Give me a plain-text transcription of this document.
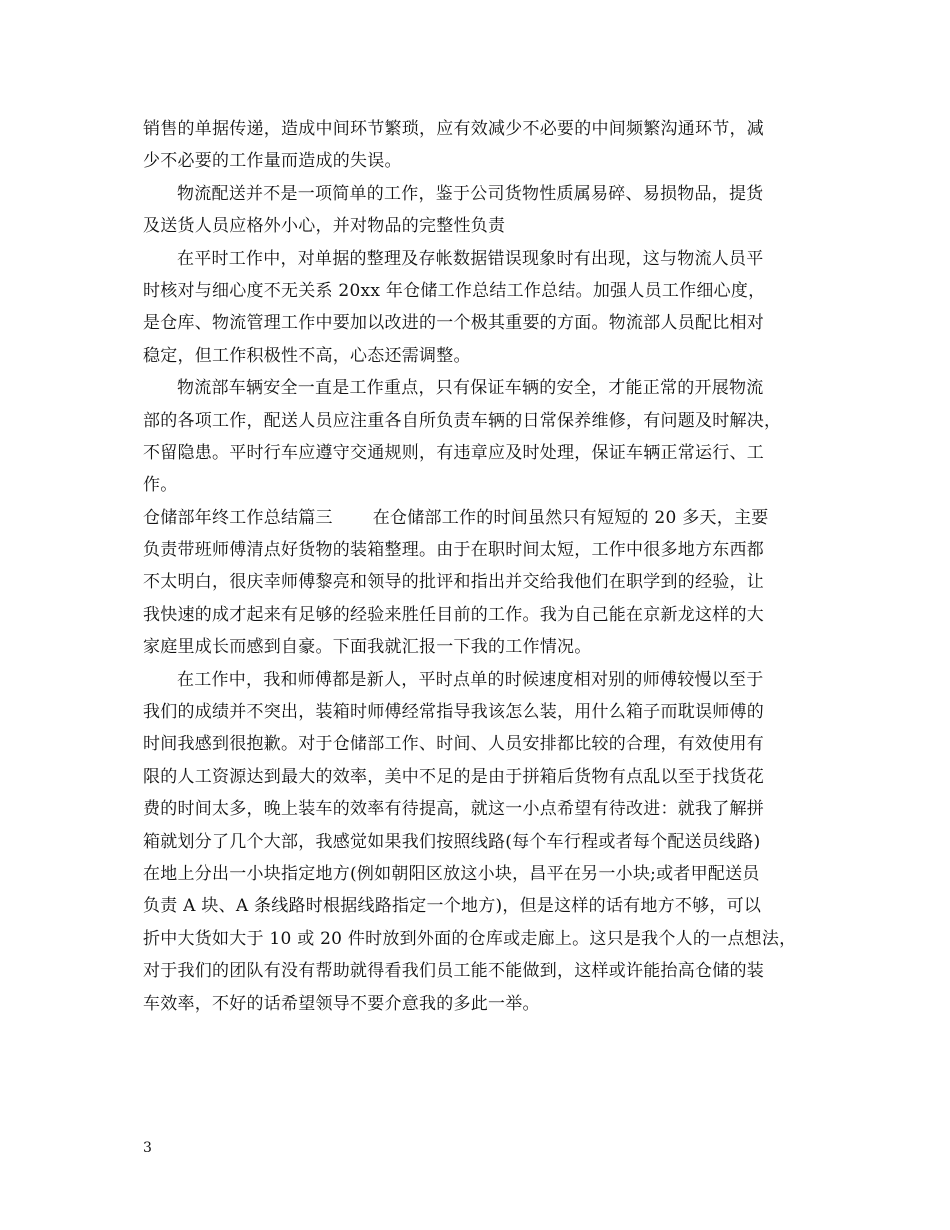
销售的单据传递，造成中间环节繁琐，应有效减少不必要的中间频繁沟通环节，减
少不必要的工作量而造成的失误。
物流配送并不是一项简单的工作，鉴于公司货物性质属易碎、易损物品，提货
及送货人员应格外小心，并对物品的完整性负责
在平时工作中，对单据的整理及存帐数据错误现象时有出现，这与物流人员平
时核对与细心度不无关系 20xx 年仓储工作总结工作总结。加强人员工作细心度，
是仓库、物流管理工作中要加以改进的一个极其重要的方面。物流部人员配比相对
稳定，但工作积极性不高，心态还需调整。
物流部车辆安全一直是工作重点，只有保证车辆的安全，才能正常的开展物流
部的各项工作，配送人员应注重各自所负责车辆的日常保养维修，有问题及时解决，
不留隐患。平时行车应遵守交通规则，有违章应及时处理，保证车辆正常运行、工
作。
仓储部年终工作总结篇三 在仓储部工作的时间虽然只有短短的 20 多天，主要
负责带班师傅清点好货物的装箱整理。由于在职时间太短，工作中很多地方东西都
不太明白，很庆幸师傅黎亮和领导的批评和指出并交给我他们在职学到的经验，让
我快速的成才起来有足够的经验来胜任目前的工作。我为自己能在京新龙这样的大
家庭里成长而感到自豪。下面我就汇报一下我的工作情况。
在工作中，我和师傅都是新人，平时点单的时候速度相对别的师傅较慢以至于
我们的成绩并不突出，装箱时师傅经常指导我该怎么装，用什么箱子而耽误师傅的
时间我感到很抱歉。对于仓储部工作、时间、人员安排都比较的合理，有效使用有
限的人工资源达到最大的效率，美中不足的是由于拼箱后货物有点乱以至于找货花
费的时间太多，晚上装车的效率有待提高，就这一小点希望有待改进：就我了解拼
箱就划分了几个大部，我感觉如果我们按照线路(每个车行程或者每个配送员线路)
在地上分出一小块指定地方(例如朝阳区放这小块，昌平在另一小块;或者甲配送员
负责 A 块、A 条线路时根据线路指定一个地方)，但是这样的话有地方不够，可以
折中大货如大于 10 或 20 件时放到外面的仓库或走廊上。这只是我个人的一点想法，
对于我们的团队有没有帮助就得看我们员工能不能做到，这样或许能抬高仓储的装
车效率，不好的话希望领导不要介意我的多此一举。
3
